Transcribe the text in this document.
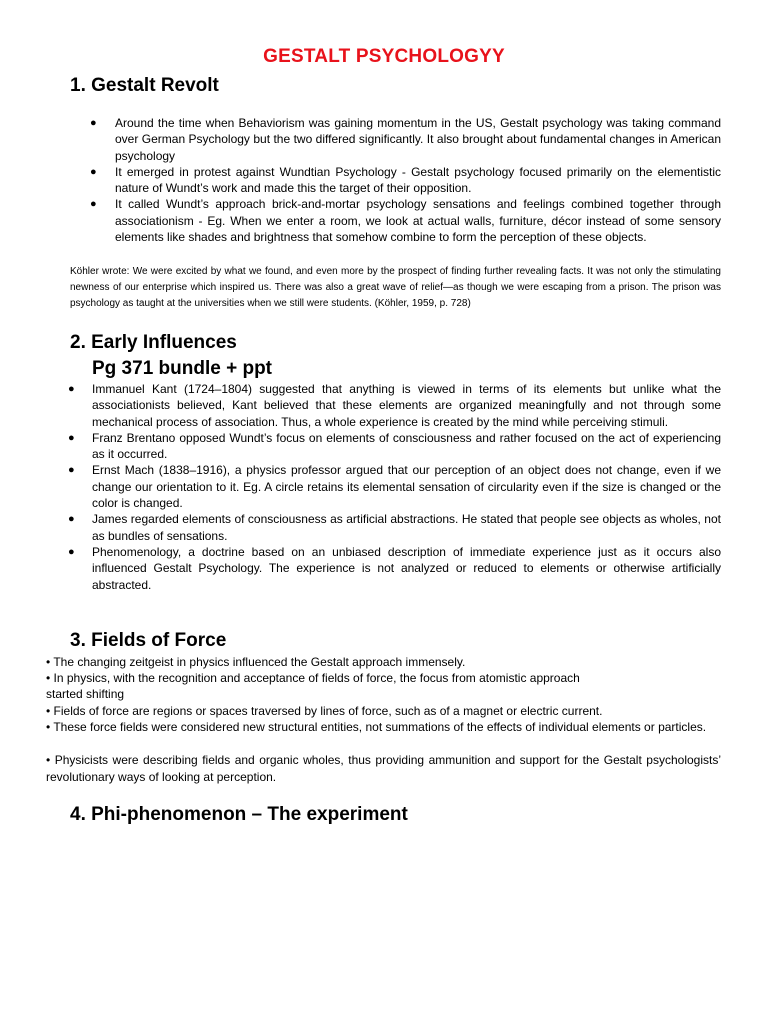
GESTALT PSYCHOLOGYY
1. Gestalt Revolt
● Around the time when Behaviorism was gaining momentum in the US, Gestalt psychology was taking command over German Psychology but the two differed significantly. It also brought about fundamental changes in American psychology
● It emerged in protest against Wundtian Psychology - Gestalt psychology focused primarily on the elementistic nature of Wundt’s work and made this the target of their opposition.
● It called Wundt’s approach brick-and-mortar psychology sensations and feelings combined together through associationism - Eg. When we enter a room, we look at actual walls, furniture, décor instead of some sensory elements like shades and brightness that somehow combine to form the perception of these objects.

Köhler wrote: We were excited by what we found, and even more by the prospect of finding further revealing facts. It was not only the stimulating newness of our enterprise which inspired us. There was also a great wave of relief—as though we were escaping from a prison. The prison was psychology as taught at the universities when we still were students. (Köhler, 1959, p. 728)

2. Early Influences
Pg 371 bundle + ppt
● Immanuel Kant (1724–1804) suggested that anything is viewed in terms of its elements but unlike what the associationists believed, Kant believed that these elements are organized meaningfully and not through some mechanical process of association. Thus, a whole experience is created by the mind while perceiving stimuli.
● Franz Brentano opposed Wundt’s focus on elements of consciousness and rather focused on the act of experiencing as it occurred.
● Ernst Mach (1838–1916), a physics professor argued that our perception of an object does not change, even if we change our orientation to it. Eg. A circle retains its elemental sensation of circularity even if the size is changed or the color is changed.
● James regarded elements of consciousness as artificial abstractions. He stated that people see objects as wholes, not as bundles of sensations.
● Phenomenology, a doctrine based on an unbiased description of immediate experience just as it occurs also influenced Gestalt Psychology. The experience is not analyzed or reduced to elements or otherwise artificially abstracted.
3. Fields of Force

• The changing zeitgeist in physics influenced the Gestalt approach immensely.

• In physics, with the recognition and acceptance of fields of force, the focus from atomistic approach

started shifting

• Fields of force are regions or spaces traversed by lines of force, such as of a magnet or electric current.

• These force fields were considered new structural entities, not summations of the effects of individual elements or particles.

• Physicists were describing fields and organic wholes, thus providing ammunition and support for the Gestalt psychologists’ revolutionary ways of looking at perception.

4. Phi-phenomenon – The experiment
